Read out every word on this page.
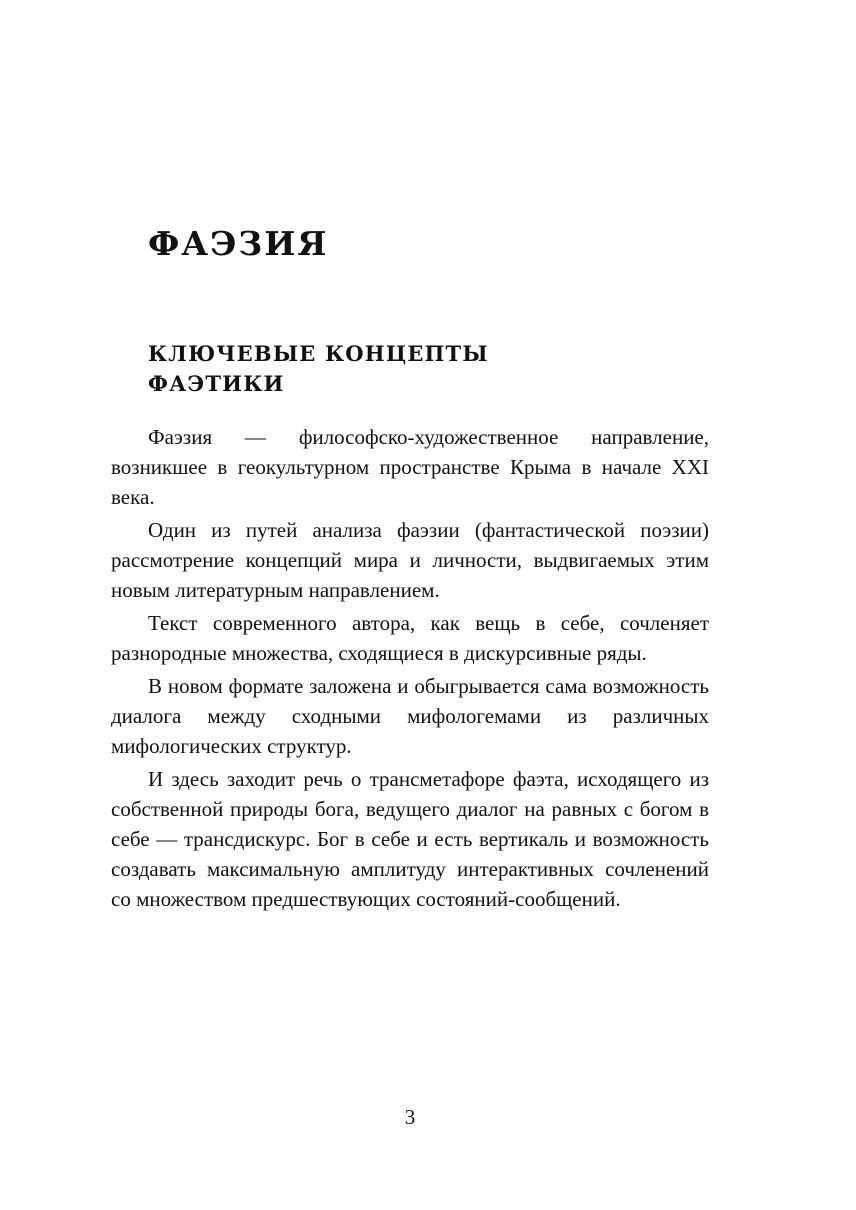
ФАЭЗИЯ
КЛЮЧЕВЫЕ КОНЦЕПТЫ
ФАЭТИКИ

Фаэзия — философско-художественное направление, возникшее в геокультурном пространстве Крыма в начале XXI века.

Один из путей анализа фаэзии (фантастической поэзии) рассмотрение концепций мира и личности, выдвигаемых этим новым литературным направлением.

Текст современного автора, как вещь в себе, сочленяет разнородные множества, сходящиеся в дискурсивные ряды.

В новом формате заложена и обыгрывается сама возможность диалога между сходными мифологемами из различных мифологических структур.

И здесь заходит речь о трансметафоре фаэта, исходящего из собственной природы бога, ведущего диалог на равных с богом в себе — трансдискурс. Бог в себе и есть вертикаль и возможность создавать максимальную амплитуду интерактивных сочленений со множеством предшествующих состояний-сообщений.

3
